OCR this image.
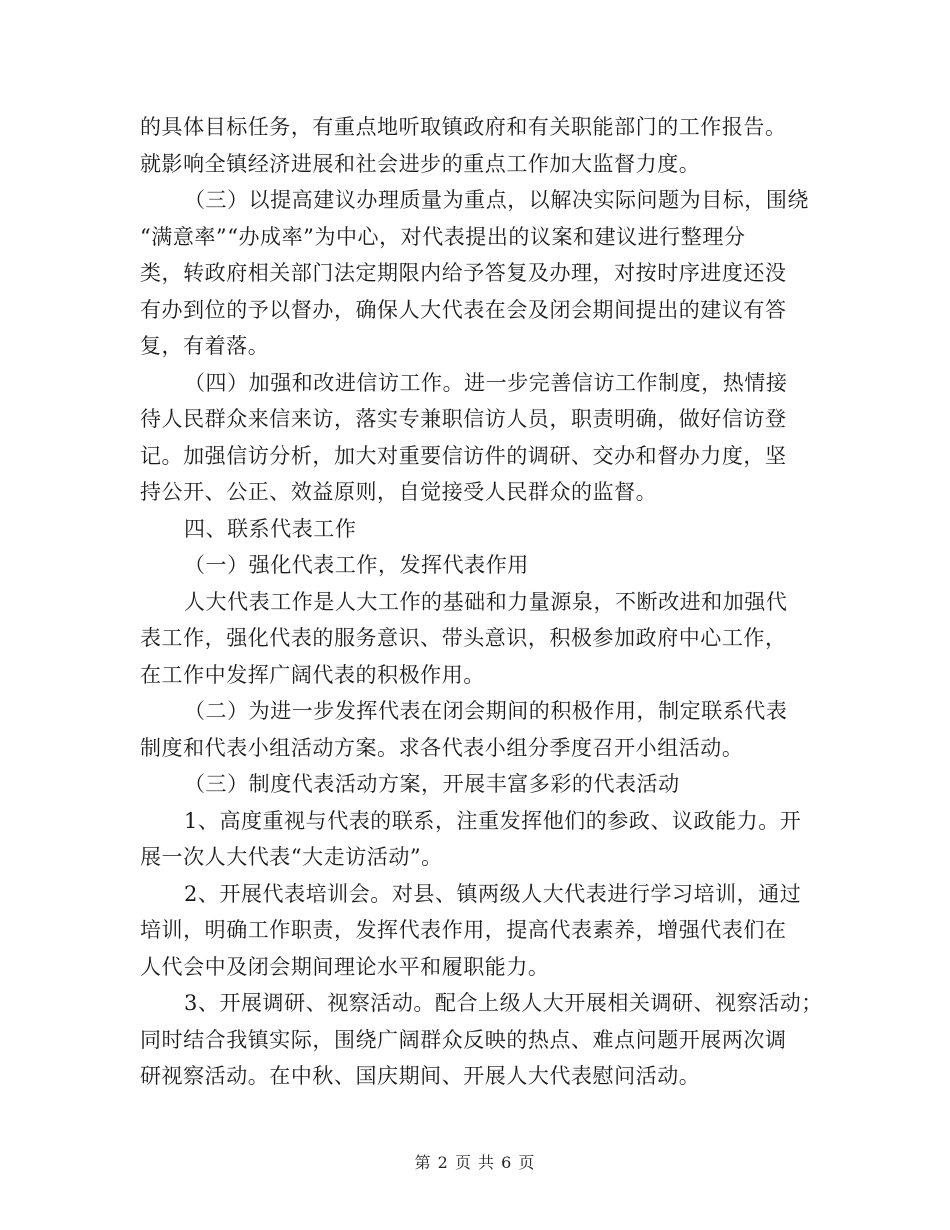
的具体目标任务，有重点地听取镇政府和有关职能部门的工作报告。
就影响全镇经济进展和社会进步的重点工作加大监督力度。
（三）以提高建议办理质量为重点，以解决实际问题为目标，围绕
“满意率”“办成率”为中心，对代表提出的议案和建议进行整理分
类，转政府相关部门法定期限内给予答复及办理，对按时序进度还没
有办到位的予以督办，确保人大代表在会及闭会期间提出的建议有答
复，有着落。
（四）加强和改进信访工作。进一步完善信访工作制度，热情接
待人民群众来信来访，落实专兼职信访人员，职责明确，做好信访登
记。加强信访分析，加大对重要信访件的调研、交办和督办力度，坚
持公开、公正、效益原则，自觉接受人民群众的监督。
四、联系代表工作
（一）强化代表工作，发挥代表作用
人大代表工作是人大工作的基础和力量源泉，不断改进和加强代
表工作，强化代表的服务意识、带头意识，积极参加政府中心工作，
在工作中发挥广阔代表的积极作用。
（二）为进一步发挥代表在闭会期间的积极作用，制定联系代表
制度和代表小组活动方案。求各代表小组分季度召开小组活动。
（三）制度代表活动方案，开展丰富多彩的代表活动
1、高度重视与代表的联系，注重发挥他们的参政、议政能力。开
展一次人大代表“大走访活动”。
2、开展代表培训会。对县、镇两级人大代表进行学习培训，通过
培训，明确工作职责，发挥代表作用，提高代表素养，增强代表们在
人代会中及闭会期间理论水平和履职能力。
3、开展调研、视察活动。配合上级人大开展相关调研、视察活动；
同时结合我镇实际，围绕广阔群众反映的热点、难点问题开展两次调
研视察活动。在中秋、国庆期间、开展人大代表慰问活动。
第 2 页 共 6 页
